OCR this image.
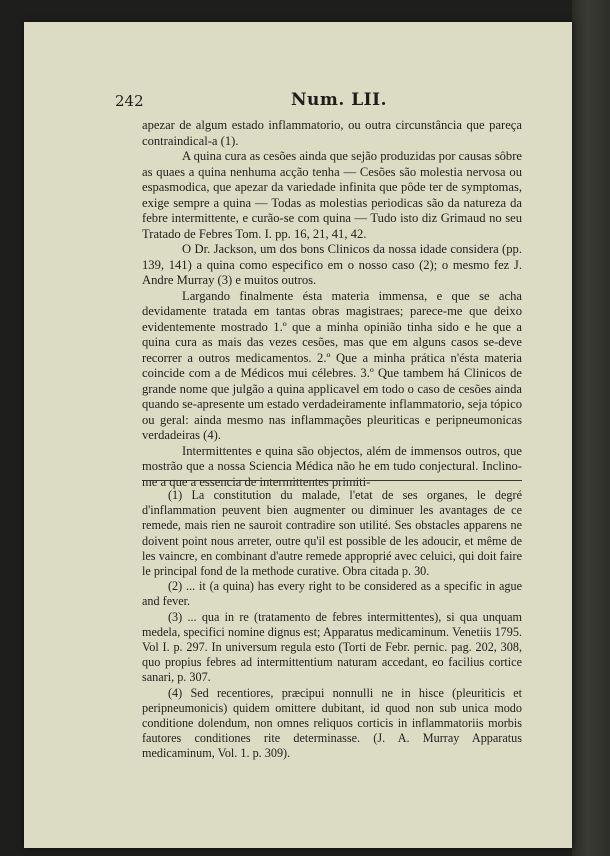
242	Num. LII.

apezar de algum estado inflammatorio, ou outra circunstância que pareça contraindical-a (1).

A quina cura as cesões ainda que sejão produzidas por causas sôbre as quaes a quina nenhuma acção tenha — Cesões são molestia nervosa ou espasmodica, que apezar da variedade infinita que pôde ter de symptomas, exige sempre a quina — Todas as molestias periodicas são da natureza da febre intermittente, e curão-se com quina — Tudo isto diz Grimaud no seu Tratado de Febres Tom. I. pp. 16, 21, 41, 42.

O Dr. Jackson, um dos bons Clinicos da nossa idade considera (pp. 139, 141) a quina como especifico em o nosso caso (2); o mesmo fez J. Andre Murray (3) e muitos outros.

Largando finalmente ésta materia immensa, e que se acha devidamente tratada em tantas obras magistraes; parece-me que deixo evidentemente mostrado 1.º que a minha opinião tinha sido e he que a quina cura as mais das vezes cesões, mas que em alguns casos se-deve recorrer a outros medicamentos. 2.º Que a minha prática n'ésta materia coincide com a de Médicos mui célebres. 3.º Que tambem há Clinicos de grande nome que julgão a quina applicavel em todo o caso de cesões ainda quando se-apresente um estado verdadeiramente inflammatorio, seja tópico ou geral: ainda mesmo nas inflammações pleuriticas e peripneumonicas verdadeiras (4).

Intermittentes e quina são objectos, além de immensos outros, que mostrão que a nossa Sciencia Médica não he em tudo conjectural. Inclino-me a que a essencia de intermittentes primiti-

(1) La constitution du malade, l'etat de ses organes, le degré d'inflammation peuvent bien augmenter ou diminuer les avantages de ce remede, mais rien ne sauroit contradire son utilité. Ses obstacles apparens ne doivent point nous arreter, outre qu'il est possible de les adoucir, et même de les vaincre, en combinant d'autre remede approprié avec celuici, qui doit faire le principal fond de la methode curative. Obra citada p. 30.

(2) ... it (a quina) has every right to be considered as a specific in ague and fever.

(3) ... qua in re (tratamento de febres intermittentes), si qua unquam medela, specifici nomine dignus est; Apparatus medicaminum. Venetiis 1795. Vol I. p. 297. In universum regula esto (Torti de Febr. pernic. pag. 202, 308, quo propius febres ad intermittentium naturam accedant, eo facilius cortice sanari, p. 307.

(4) Sed recentiores, præcipui nonnulli ne in hisce (pleuriticis et peripneumonicis) quidem omittere dubitant, id quod non sub unica modo conditione dolendum, non omnes reliquos corticis in inflammatoriis morbis fautores conditiones rite determinasse. (J. A. Murray Apparatus medicaminum, Vol. 1. p. 309).
